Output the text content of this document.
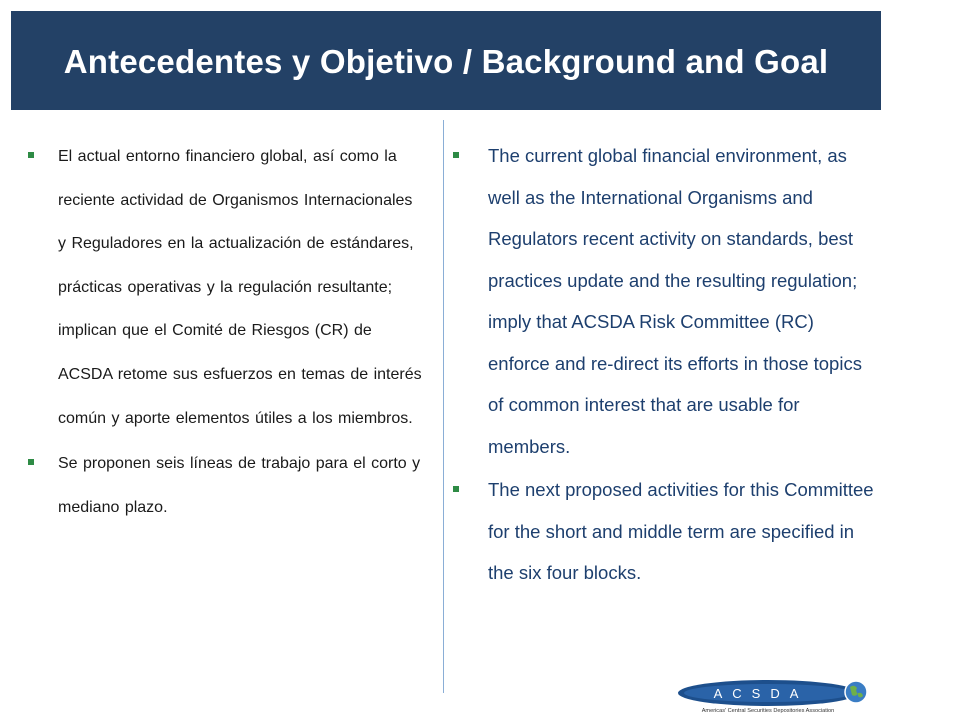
Antecedentes y Objetivo / Background and Goal
El actual entorno financiero global, así como la reciente actividad de Organismos Internacionales y Reguladores en la actualización de estándares, prácticas operativas y la regulación resultante; implican que el Comité de Riesgos (CR) de ACSDA retome sus esfuerzos en temas de interés común y aporte elementos útiles a los miembros.
Se proponen seis líneas de trabajo para el corto y mediano plazo.
The current global financial environment, as well as the International Organisms and Regulators recent activity on standards, best practices update and the resulting regulation; imply that ACSDA Risk Committee (RC) enforce and re-direct its efforts in those topics of common interest that are usable for members.
The next proposed activities for this Committee for the short and middle term are specified in the six four blocks.
ACSDA
Americas' Central Securities Depositories Association
